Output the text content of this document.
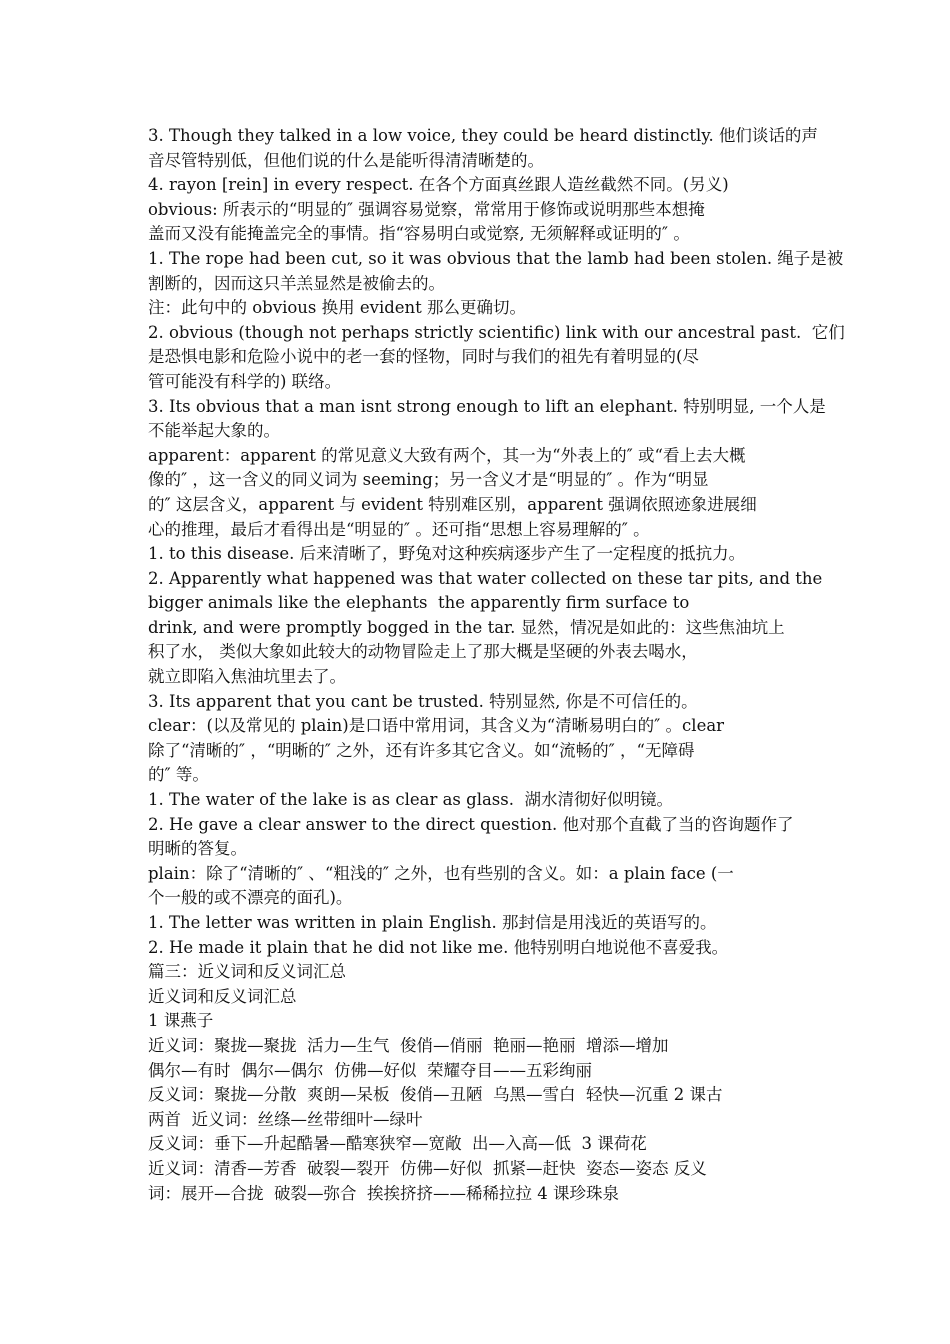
3. Though they talked in a low voice, they could be heard distinctly. 他们谈话的声
音尽管特别低，但他们说的什么是能听得清清晰楚的。
4. rayon [rein] in every respect. 在各个方面真丝跟人造丝截然不同。(另义)
obvious: 所表示的“明显的″ 强调容易觉察，常常用于修饰或说明那些本想掩
盖而又没有能掩盖完全的事情。指“容易明白或觉察, 无须解释或证明的″ 。
1. The rope had been cut, so it was obvious that the lamb had been stolen. 绳子是被
割断的，因而这只羊羔显然是被偷去的。
注：此句中的 obvious 换用 evident 那么更确切。
2. obvious (though not perhaps strictly scientific) link with our ancestral past.  它们
是恐惧电影和危险小说中的老一套的怪物，同时与我们的祖先有着明显的(尽
管可能没有科学的) 联络。
3. Its obvious that a man isnt strong enough to lift an elephant. 特别明显, 一个人是
不能举起大象的。
apparent：apparent 的常见意义大致有两个，其一为“外表上的″ 或“看上去大概
像的″ ，这一含义的同义词为 seeming；另一含义才是“明显的″ 。作为“明显
的″ 这层含义，apparent 与 evident 特别难区别，apparent 强调依照迹象进展细
心的推理，最后才看得出是“明显的″ 。还可指“思想上容易理解的″ 。
1. to this disease. 后来清晰了，野兔对这种疾病逐步产生了一定程度的抵抗力。
2. Apparently what happened was that water collected on these tar pits, and the
bigger animals like the elephants  the apparently firm surface to
drink, and were promptly bogged in the tar. 显然，情况是如此的：这些焦油坑上
积了水， 类似大象如此较大的动物冒险走上了那大概是坚硬的外表去喝水，
就立即陷入焦油坑里去了。
3. Its apparent that you cant be trusted. 特别显然, 你是不可信任的。
clear：(以及常见的 plain)是口语中常用词，其含义为“清晰易明白的″ 。clear
除了“清晰的″ ，“明晰的″ 之外，还有许多其它含义。如“流畅的″ ，“无障碍
的″ 等。
1. The water of the lake is as clear as glass.  湖水清彻好似明镜。
2. He gave a clear answer to the direct question. 他对那个直截了当的咨询题作了
明晰的答复。
plain：除了“清晰的″ 、“粗浅的″ 之外，也有些别的含义。如：a plain face (一
个一般的或不漂亮的面孔)。
1. The letter was written in plain English. 那封信是用浅近的英语写的。
2. He made it plain that he did not like me. 他特别明白地说他不喜爱我。
篇三：近义词和反义词汇总
近义词和反义词汇总
1 课燕子
近义词：聚拢—聚拢  活力—生气  俊俏—俏丽  艳丽—艳丽  增添—增加
偶尔—有时  偶尔—偶尔  仿佛—好似  荣耀夺目——五彩绚丽
反义词：聚拢—分散  爽朗—呆板  俊俏—丑陋  乌黑—雪白  轻快—沉重 2 课古
两首  近义词：丝绦—丝带细叶—绿叶
反义词：垂下—升起酷暑—酷寒狭窄—宽敞  出—入高—低  3 课荷花
近义词：清香—芳香  破裂—裂开  仿佛—好似  抓紧—赶快  姿态—姿态 反义
词：展开—合拢  破裂—弥合  挨挨挤挤——稀稀拉拉 4 课珍珠泉
